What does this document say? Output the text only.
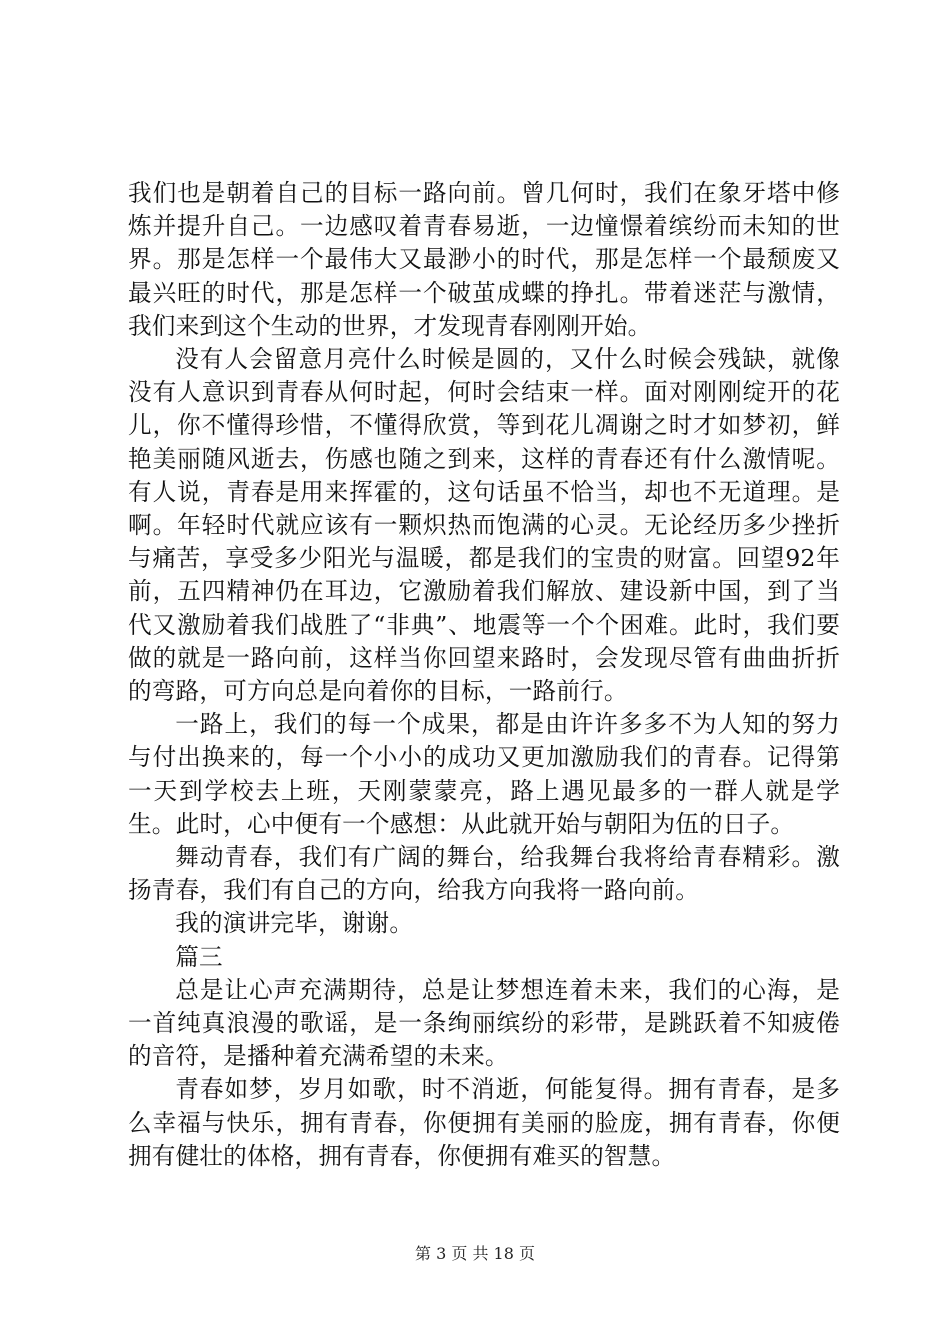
我们也是朝着自己的目标一路向前。曾几何时，我们在象牙塔中修炼并提升自己。一边感叹着青春易逝，一边憧憬着缤纷而未知的世界。那是怎样一个最伟大又最渺小的时代，那是怎样一个最颓废又最兴旺的时代，那是怎样一个破茧成蝶的挣扎。带着迷茫与激情，我们来到这个生动的世界，才发现青春刚刚开始。

没有人会留意月亮什么时候是圆的，又什么时候会残缺，就像没有人意识到青春从何时起，何时会结束一样。面对刚刚绽开的花儿，你不懂得珍惜，不懂得欣赏，等到花儿凋谢之时才如梦初，鲜艳美丽随风逝去，伤感也随之到来，这样的青春还有什么激情呢。有人说，青春是用来挥霍的，这句话虽不恰当，却也不无道理。是啊。年轻时代就应该有一颗炽热而饱满的心灵。无论经历多少挫折与痛苦，享受多少阳光与温暖，都是我们的宝贵的财富。回望92年前，五四精神仍在耳边，它激励着我们解放、建设新中国，到了当代又激励着我们战胜了“非典”、地震等一个个困难。此时，我们要做的就是一路向前，这样当你回望来路时，会发现尽管有曲曲折折的弯路，可方向总是向着你的目标，一路前行。

一路上，我们的每一个成果，都是由许许多多不为人知的努力与付出换来的，每一个小小的成功又更加激励我们的青春。记得第一天到学校去上班，天刚蒙蒙亮，路上遇见最多的一群人就是学生。此时，心中便有一个感想：从此就开始与朝阳为伍的日子。

舞动青春，我们有广阔的舞台，给我舞台我将给青春精彩。激扬青春，我们有自己的方向，给我方向我将一路向前。

我的演讲完毕，谢谢。

篇三

总是让心声充满期待，总是让梦想连着未来，我们的心海，是一首纯真浪漫的歌谣，是一条绚丽缤纷的彩带，是跳跃着不知疲倦的音符，是播种着充满希望的未来。

青春如梦，岁月如歌，时不消逝，何能复得。拥有青春，是多么幸福与快乐，拥有青春，你便拥有美丽的脸庞，拥有青春，你便拥有健壮的体格，拥有青春，你便拥有难买的智慧。

第 3 页 共 18 页
